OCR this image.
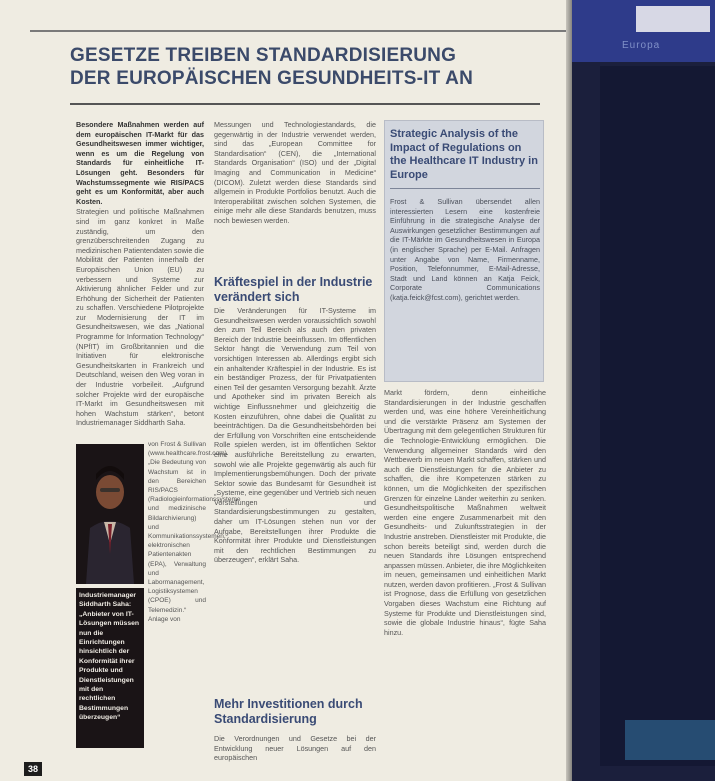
GESETZE TREIBEN STANDARDISIERUNG
DER EUROPÄISCHEN GESUNDHEITS-IT AN

Besondere Maßnahmen werden auf dem europäischen IT-Markt für das Gesundheitswesen immer wichtiger, wenn es um die Regelung von Standards für einheitliche IT-Lösungen geht. Besonders für Wachstumssegmente wie RIS/PACS geht es um Konformität, aber auch Kosten.

Strategien und politische Maßnahmen sind im ganz konkret in Maße zuständig, um den grenzüberschreitenden Zugang zu medizinischen Patientendaten sowie die Mobilität der Patienten innerhalb der Europäischen Union (EU) zu verbessern und Systeme zur Aktivierung ähnlicher Felder und zur Erhöhung der Sicherheit der Patienten zu schaffen. Verschiedene Pilotprojekte zur Modernisierung der IT im Gesundheitswesen, wie das „National Programme for Information Technology“ (NPfIT) im Großbritannien und die Initiativen für elektronische Gesundheitskarten in Frankreich und Deutschland, weisen den Weg voran in der Industrie vorbeileit. „Aufgrund solcher Projekte wird der europäische IT-Markt im Gesundheitswesen mit hohen Wachstum stärken“, betont Industriemanager Siddharth Saha.

Industriemanager Siddharth Saha: „Anbieter von IT-Lösungen müssen nun die Einrichtungen hinsichtlich der Konformität ihrer Produkte und Dienstleistungen mit den rechtlichen Bestimmungen überzeugen“

von Frost & Sullivan (www.healthcare.frost.com). „Die Bedeutung von Wachstum ist in den Bereichen RIS/PACS (Radiologieinformationssysteme und medizinische Bildarchivierung) und Kommunikationssystemen, elektronischen Patientenakten (EPA), Verwaltung und Labormanagement, Logistiksystemen (CPOE) und Telemedizin.“ Anlage von

Messungen und Technologiestandards, die gegenwärtig in der Industrie verwendet werden, sind das „European Committee for Standardisation“ (CEN), die „International Standards Organisation“ (ISO) und der „Digital Imaging and Communication in Medicine“ (DICOM). Zuletzt werden diese Standards sind allgemein in Produkte Portfolios benutzt. Auch die Interoperabilität zwischen solchen Systemen, die einige mehr alle diese Standards benutzen, muss noch bewiesen werden.

Kräftespiel in der Industrie verändert sich

Die Veränderungen für IT-Systeme im Gesundheitswesen werden voraussichtlich sowohl den zum Teil Bereich als auch den privaten Bereich der Industrie beeinflussen. Im öffentlichen Sektor hängt die Verwendung zum Teil von vorsichtigen Interessen ab. Allerdings ergibt sich ein anhaltender Kräftespiel in der Industrie. Es ist ein beständiger Prozess, der für Privatpatienten einen Teil der gesamten Versorgung bezahlt. Ärzte und Apotheker sind im privaten Bereich als wichtige Einflussnehmer und gleichzeitig die Kosten einzuführen, ohne dabei die Qualität zu beeinträchtigen. Da die Gesundheitsbehörden bei der Erfüllung von Vorschriften eine entscheidende Rolle spielen werden, ist im öffentlichen Sektor eine ausführliche Bereitstellung zu erwarten, sowohl wie alle Projekte gegenwärtig als auch für Implementierungsbemühungen. Doch der private Sektor sowie das Bundesamt für Gesundheit ist „Systeme, eine gegenüber und Vertrieb sich neuen Vorstellungen und Standardisierungsbestimmungen zu gestalten, daher um IT-Lösungen stehen nun vor der Aufgabe, Bereitstellungen ihrer Produkte die Konformität ihrer Produkte und Dienstleistungen mit den rechtlichen Bestimmungen zu überzeugen“, erklärt Saha.

Mehr Investitionen durch Standardisierung

Die Verordnungen und Gesetze bei der Entwicklung neuer Lösungen auf den europäischen

Strategic Analysis of the Impact of Regulations on the Healthcare IT Industry in Europe
Frost & Sullivan übersendet allen interessierten Lesern eine kostenfreie Einführung in die strategische Analyse der Auswirkungen gesetzlicher Bestimmungen auf die IT-Märkte im Gesundheitswesen in Europa (in englischer Sprache) per E-Mail. Anfragen unter Angabe von Name, Firmenname, Position, Telefonnummer, E-Mail-Adresse, Stadt und Land können an Katja Feick, Corporate Communications (katja.feick@fcst.com), gerichtet werden.

Markt fördern, denn einheitliche Standardisierungen in der Industrie geschaffen werden und, was eine höhere Vereinheitlichung und die verstärkte Präsenz am Systemen der Übertragung mit dem gelegentlichen Strukturen für die Technologie-Entwicklung ermöglichen. Die Verwendung allgemeiner Standards wird den Wettbewerb im neuen Markt schaffen, stärken und auch die Dienstleistungen für die Anbieter zu schaffen, die ihre Kompetenzen stärken zu können, um die Möglichkeiten der spezifischen Grenzen für einzelne Länder weiterhin zu senken. Gesundheitspolitische Maßnahmen weltweit werden eine engere Zusammenarbeit mit den Gesundheits- und Zukunftsstrategien in der Industrie anstreben. Dienstleister mit Produkte, die schon bereits beteiligt sind, werden durch die neuen Standards ihre Lösungen entsprechend anpassen müssen. Anbieter, die ihre Möglichkeiten im neuen, gemeinsamen und einheitlichen Markt nutzen, werden davon profitieren. „Frost & Sullivan ist Prognose, dass die Erfüllung von gesetzlichen Vorgaben dieses Wachstum eine Richtung auf Systeme für Produkte und Dienstleistungen sind, sowie die globale Industrie hinaus“, fügte Saha hinzu.

38
Europa
